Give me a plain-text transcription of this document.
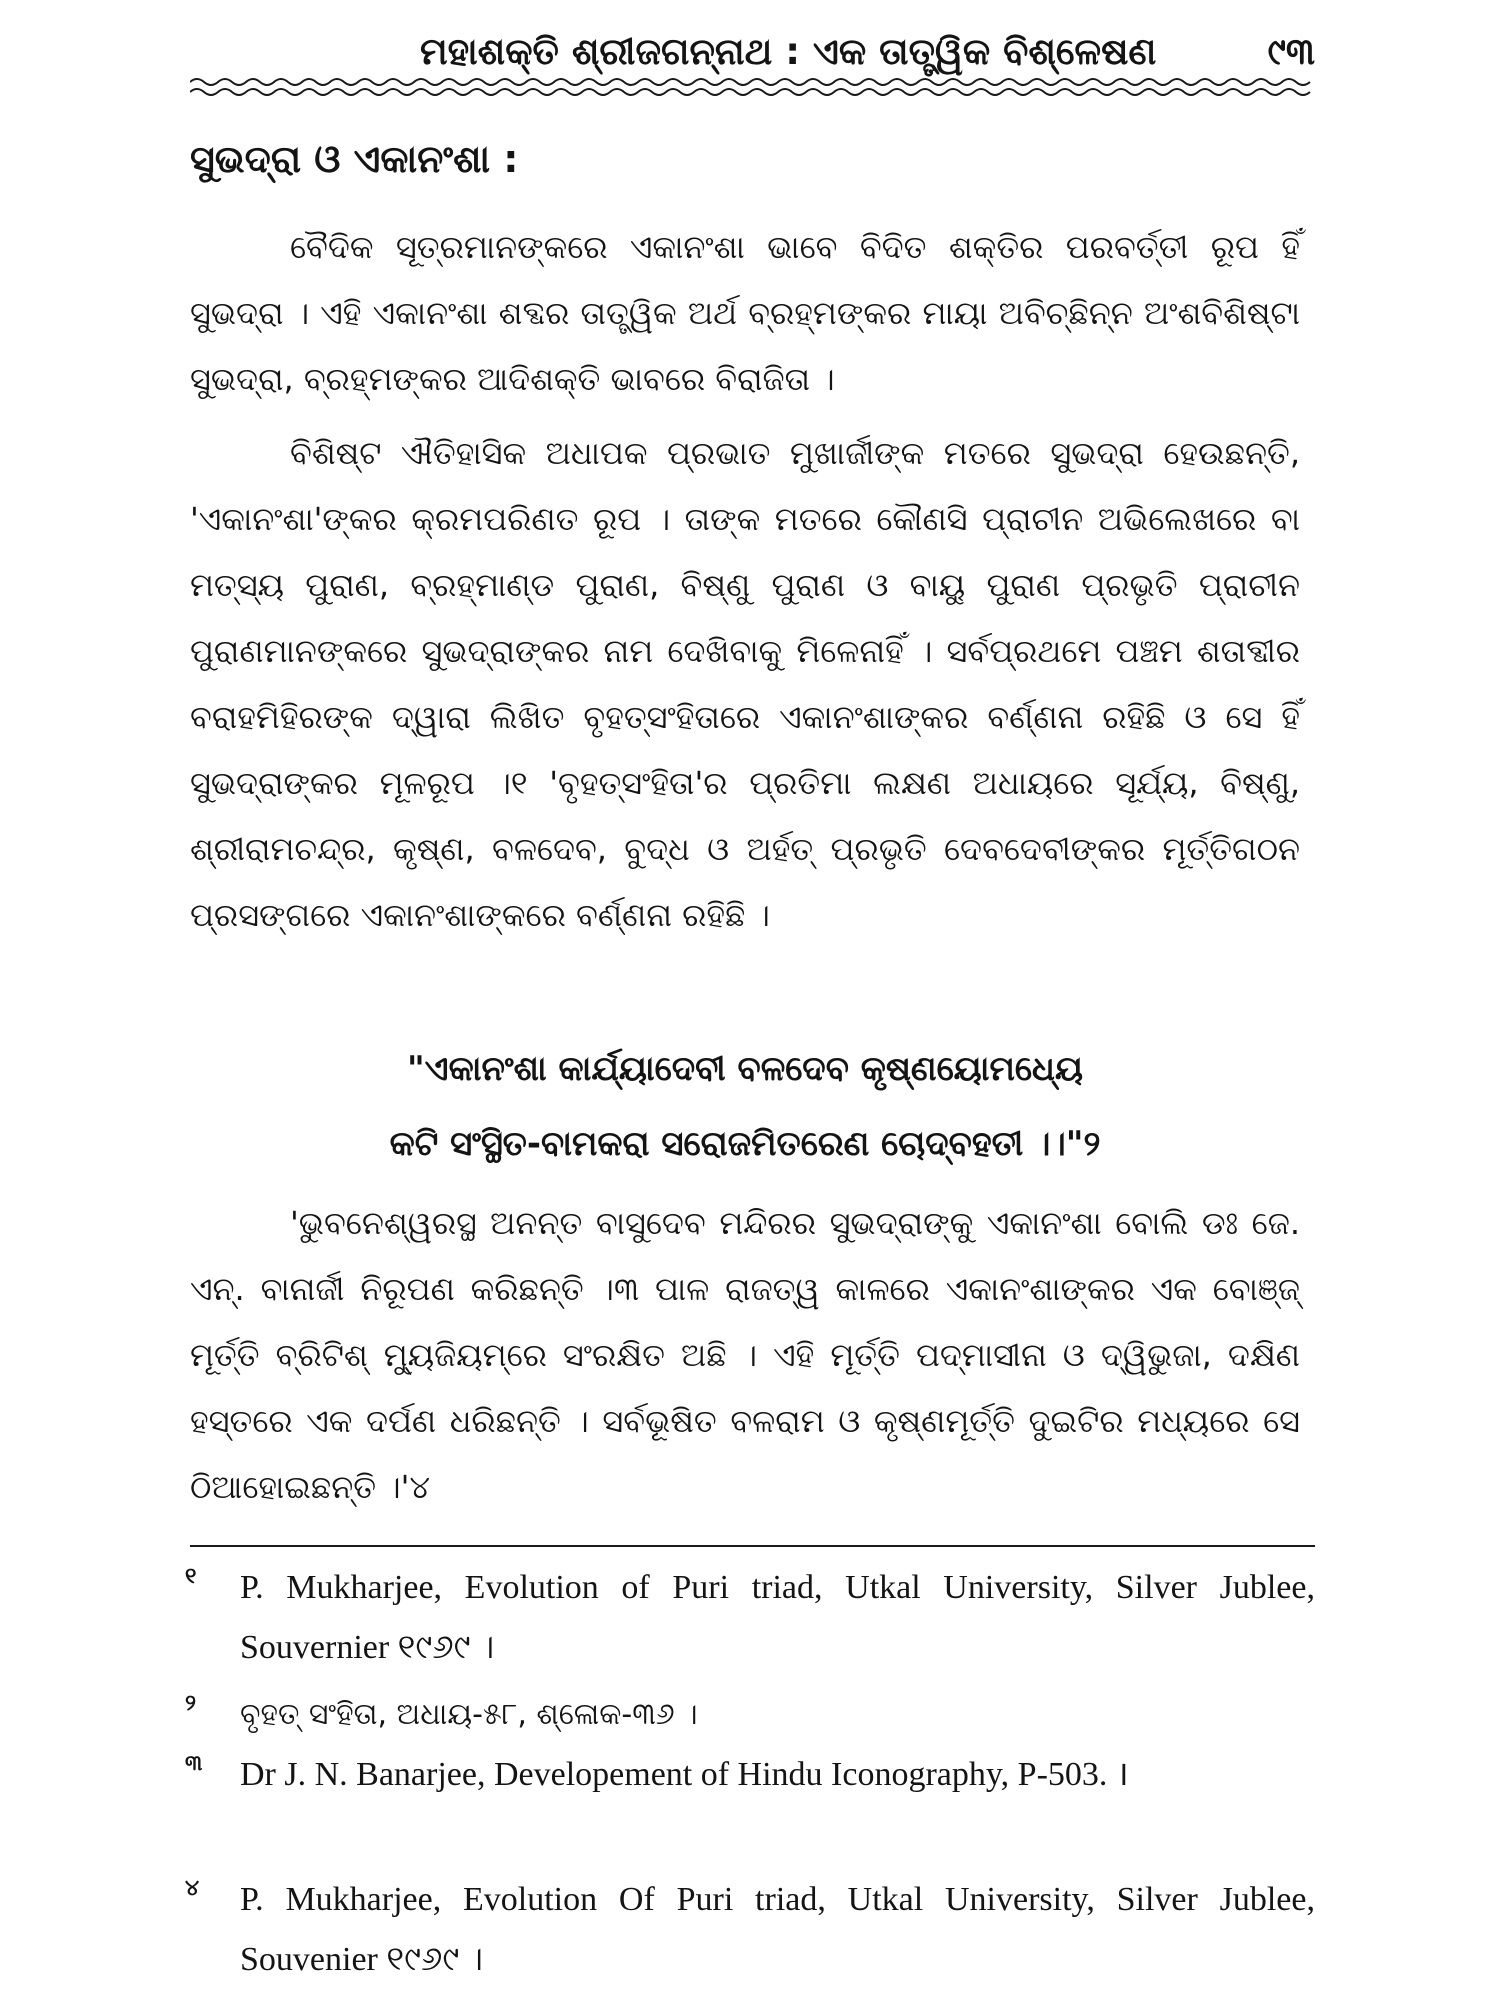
ମହାଶକ୍ତି ଶ୍ରୀଜଗନ୍ନାଥ : ଏକ ତାତ୍ତ୍ୱିକ ବିଶ୍ଳେଷଣ	୯୩
ସୁଭଦ୍ରା ଓ ଏକାନଂଶା :
ବୈଦିକ ସୂତ୍ରମାନଙ୍କରେ ଏକାନଂଶା ଭାବେ ବିଦିତ ଶକ୍ତିର ପରବର୍ତ୍ତୀ ରୂପ ହିଁ ସୁଭଦ୍ରା । ଏହି ଏକାନଂଶା ଶବ୍ଦର ତାତ୍ତ୍ୱିକ ଅର୍ଥ ବ୍ରହ୍ମଙ୍କର ମାୟା ଅବିଚ୍ଛିନ୍ନ ଅଂଶବିଶିଷ୍ଟା ସୁଭଦ୍ରା, ବ୍ରହ୍ମଙ୍କର ଆଦିଶକ୍ତି ଭାବରେ ବିରାଜିତା ।
ବିଶିଷ୍ଟ ଐତିହାସିକ ଅଧାପକ ପ୍ରଭାତ ମୁଖାର୍ଜୀଙ୍କ ମତରେ ସୁଭଦ୍ରା ହେଉଛନ୍ତି, 'ଏକାନଂଶା'ଙ୍କର କ୍ରମପରିଣତ ରୂପ । ତାଙ୍କ ମତରେ କୌଣସି ପ୍ରାଚୀନ ଅଭିଲେଖରେ ବା ମତ୍ସ୍ୟ ପୁରାଣ, ବ୍ରହ୍ମାଣ୍ଡ ପୁରାଣ, ବିଷ୍ଣୁ ପୁରାଣ ଓ ବାୟୁ ପୁରାଣ ପ୍ରଭୃତି ପ୍ରାଚୀନ ପୁରାଣମାନଙ୍କରେ ସୁଭଦ୍ରାଙ୍କର ନାମ ଦେଖିବାକୁ ମିଳେନାହିଁ । ସର୍ବପ୍ରଥମେ ପଞ୍ଚମ ଶତାବ୍ଦୀର ବରାହମିହିରଙ୍କ ଦ୍ୱାରା ଲିଖିତ ବୃହତ୍‌ସଂହିତାରେ ଏକାନଂଶାଙ୍କର ବର୍ଣ୍ଣନା ରହିଛି ଓ ସେ ହିଁ ସୁଭଦ୍ରାଙ୍କର ମୂଳରୂପ ।୧ 'ବୃହତ୍‌ସଂହିତା'ର ପ୍ରତିମା ଲକ୍ଷଣ ଅଧାୟରେ ସୂର୍ଯ୍ୟ, ବିଷ୍ଣୁ, ଶ୍ରୀରାମଚନ୍ଦ୍ର, କୃଷ୍ଣ, ବଳଦେବ, ବୁଦ୍ଧ ଓ ଅର୍ହତ୍ ପ୍ରଭୃତି ଦେବଦେବୀଙ୍କର ମୂର୍ତ୍ତିଗଠନ ପ୍ରସଙ୍ଗରେ ଏକାନଂଶାଙ୍କରେ ବର୍ଣ୍ଣନା ରହିଛି ।
"ଏକାନଂଶା କାର୍ଯ୍ୟାଦେବୀ ବଳଦେବ କୃଷ୍ଣୟୋମଧ୍ୟେ
କଟି ସଂସ୍ଥିତ-ବାମକରା ସରୋଜମିତରେଣ ଚୋଦ୍‌ବହତୀ ।।"୨
'ଭୁବନେଶ୍ୱରସ୍ଥ ଅନନ୍ତ ବାସୁଦେବ ମନ୍ଦିରର ସୁଭଦ୍ରାଙ୍କୁ ଏକାନଂଶା ବୋଲି ଡଃ ଜେ. ଏନ୍. ବାନାର୍ଜୀ ନିରୂପଣ କରିଛନ୍ତି ।୩ ପାଳ ରାଜତ୍ୱ କାଳରେ ଏକାନଂଶାଙ୍କର ଏକ ବୋଞ୍ଜ୍ ମୂର୍ତ୍ତି ବ୍ରିଟିଶ୍ ମ୍ୟୁଜିୟମ୍‌ରେ ସଂରକ୍ଷିତ ଅଛି । ଏହି ମୂର୍ତ୍ତି ପଦ୍ମାସୀନା ଓ ଦ୍ୱିଭୁଜା, ଦକ୍ଷିଣ ହସ୍ତରେ ଏକ ଦର୍ପଣ ଧରିଛନ୍ତି । ସର୍ବଭୂଷିତ ବଳରାମ ଓ କୃଷ୍ଣମୂର୍ତ୍ତି ଦୁଇଟିର ମଧ୍ୟରେ ସେ ଠିଆହୋଇଛନ୍ତି ।'୪
୧	P. Mukharjee, Evolution of Puri triad, Utkal University, Silver Jublee, Souvernier ୧୯୬୯ ।
୨	ବୃହତ୍ ସଂହିତା, ଅଧାୟ-୫୮, ଶ୍ଳୋକ-୩୬ ।
୩	Dr J. N. Banarjee, Developement of Hindu Iconography, P-503. ।
୪	P. Mukharjee, Evolution Of Puri triad, Utkal University, Silver Jublee, Souvenier ୧୯୬୯ ।
